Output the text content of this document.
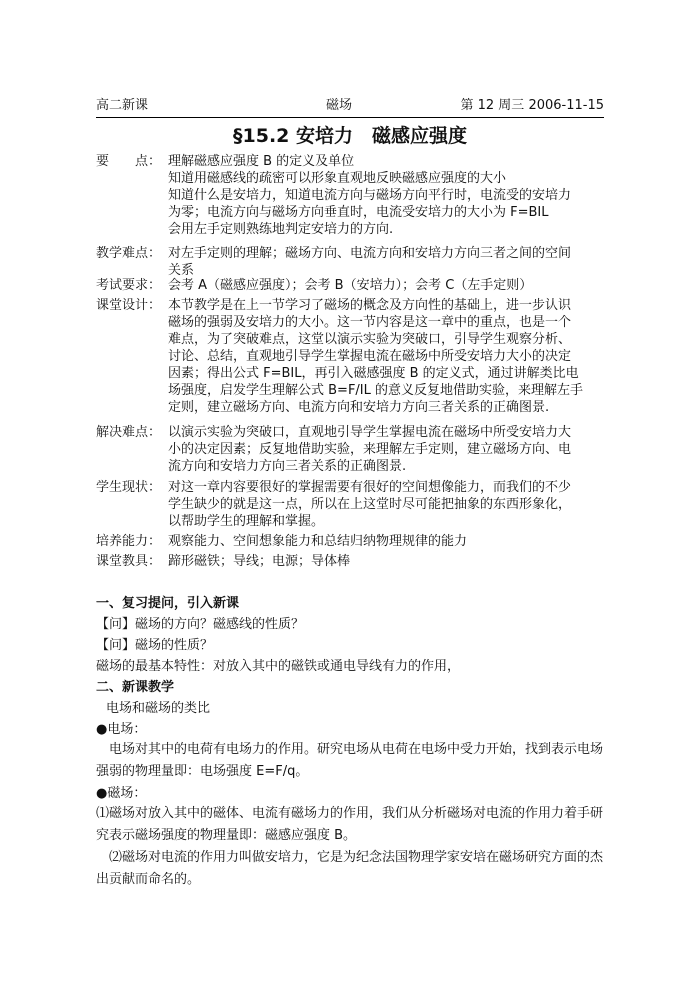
高二新课	磁场	第 12 周三 2006-11-15
§15.2 安培力　磁感应强度
要　　点： 理解磁感应强度 B 的定义及单位

知道用磁感线的疏密可以形象直观地反映磁感应强度的大小

知道什么是安培力，知道电流方向与磁场方向平行时，电流受的安培力

为零；电流方向与磁场方向垂直时，电流受安培力的大小为 F=BIL

会用左手定则熟练地判定安培力的方向.

教学难点： 对左手定则的理解；磁场方向、电流方向和安培力方向三者之间的空间

关系

考试要求： 会考 A（磁感应强度）；会考 B（安培力）；会考 C（左手定则）

课堂设计： 本节教学是在上一节学习了磁场的概念及方向性的基础上，进一步认识

磁场的强弱及安培力的大小。这一节内容是这一章中的重点，也是一个

难点，为了突破难点，这堂以演示实验为突破口，引导学生观察分析、

讨论、总结，直观地引导学生掌握电流在磁场中所受安培力大小的决定

因素；得出公式 F=BIL，再引入磁感强度 B 的定义式，通过讲解类比电

场强度，启发学生理解公式 B=F/IL 的意义反复地借助实验，来理解左手

定则，建立磁场方向、电流方向和安培力方向三者关系的正确图景.

解决难点： 以演示实验为突破口，直观地引导学生掌握电流在磁场中所受安培力大

小的决定因素；反复地借助实验，来理解左手定则，建立磁场方向、电

流方向和安培力方向三者关系的正确图景.

学生现状： 对这一章内容要很好的掌握需要有很好的空间想像能力，而我们的不少

学生缺少的就是这一点，所以在上这堂时尽可能把抽象的东西形象化，

以帮助学生的理解和掌握。

培养能力： 观察能力、空间想象能力和总结归纳物理规律的能力

课堂教具： 蹄形磁铁；导线；电源；导体棒

一、复习提问，引入新课

【问】磁场的方向？磁感线的性质？

【问】磁场的性质？

磁场的最基本特性：对放入其中的磁铁或通电导线有力的作用，

二、新课教学

电场和磁场的类比

●电场：

　电场对其中的电荷有电场力的作用。研究电场从电荷在电场中受力开始，找到表示电场强弱的物理量即：电场强度 E=F/q。

●磁场：

⑴磁场对放入其中的磁体、电流有磁场力的作用，我们从分析磁场对电流的作用力着手研究表示磁场强度的物理量即：磁感应强度 B。

　⑵磁场对电流的作用力叫做安培力，它是为纪念法国物理学家安培在磁场研究方面的杰出贡献而命名的。
